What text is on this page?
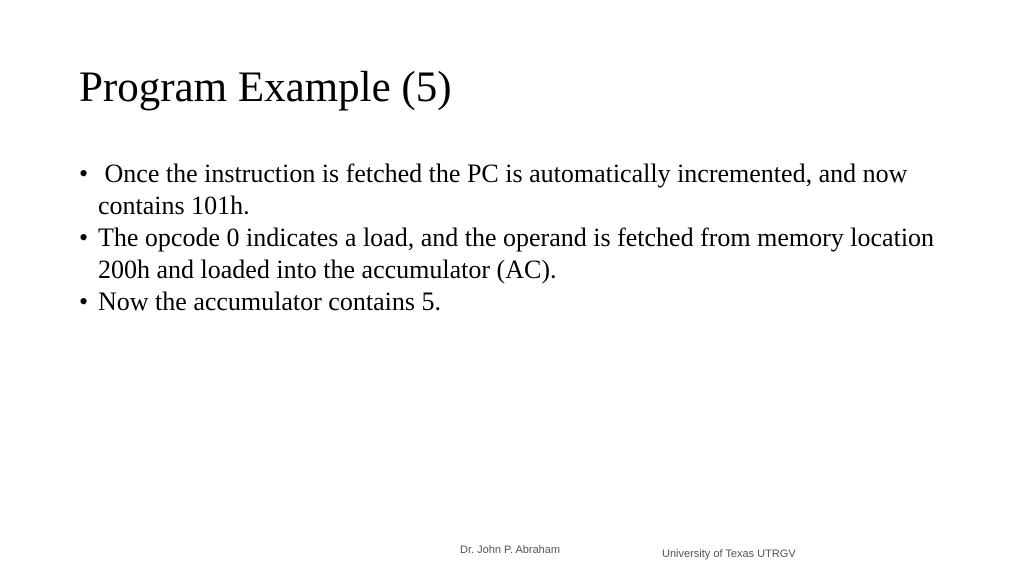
Program Example (5)
• Once the instruction is fetched the PC is automatically incremented, and now contains 101h.
• The opcode 0 indicates a load, and the operand is fetched from memory location 200h and loaded into the accumulator (AC).
• Now the accumulator contains 5.
Dr. John P. Abraham	University of Texas UTRGV
